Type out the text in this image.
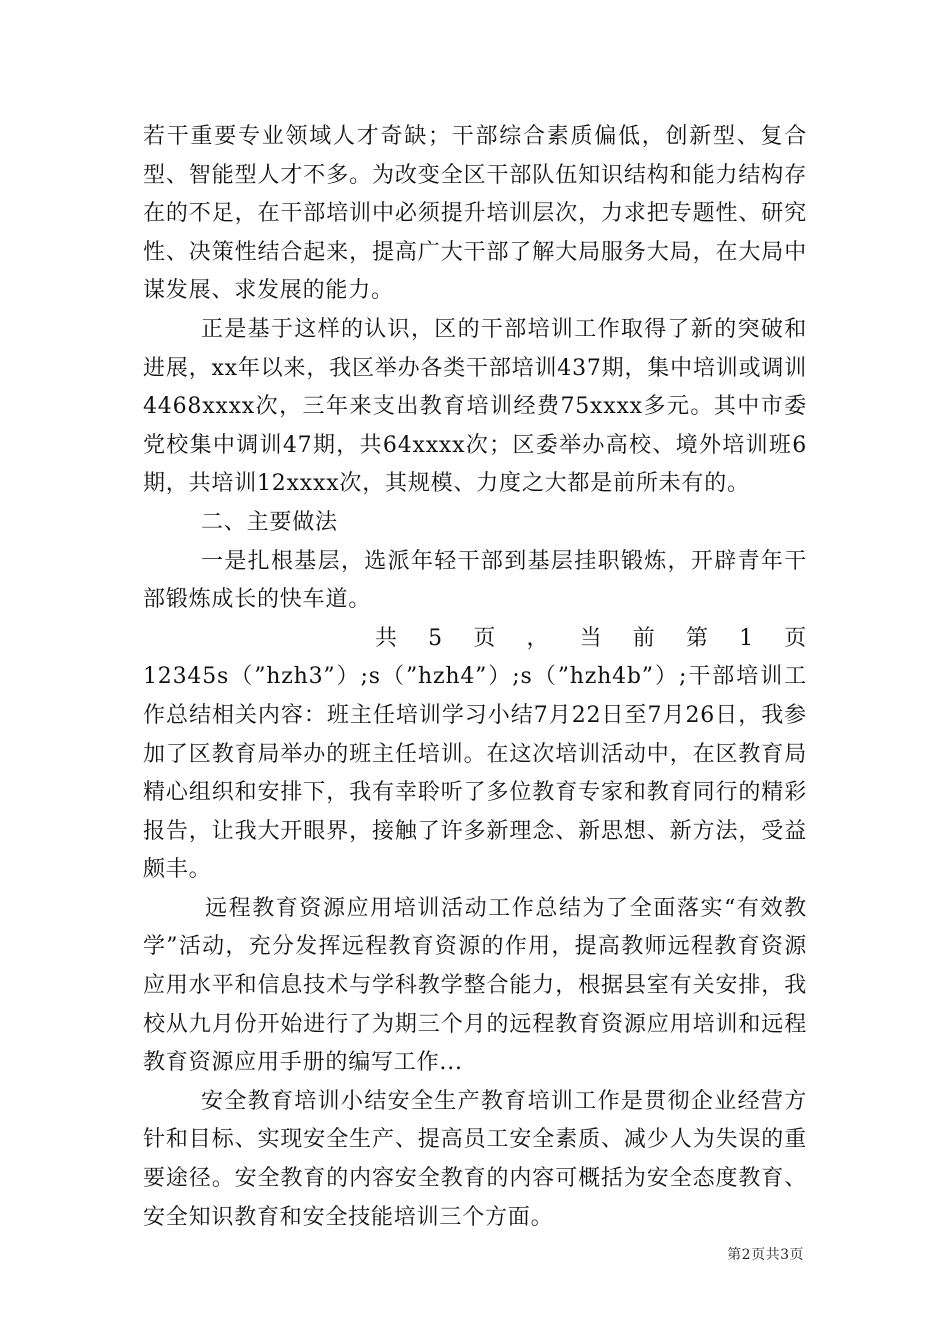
若干重要专业领域人才奇缺；干部综合素质偏低，创新型、复合型、智能型人才不多。为改变全区干部队伍知识结构和能力结构存在的不足，在干部培训中必须提升培训层次，力求把专题性、研究性、决策性结合起来，提高广大干部了解大局服务大局，在大局中谋发展、求发展的能力。

正是基于这样的认识，区的干部培训工作取得了新的突破和进展，xx年以来，我区举办各类干部培训437期，集中培训或调训4468xxxx次，三年来支出教育培训经费75xxxx多元。其中市委党校集中调训47期，共64xxxx次；区委举办高校、境外培训班6期，共培训12xxxx次，其规模、力度之大都是前所未有的。

二、主要做法

一是扎根基层，选派年轻干部到基层挂职锻炼，开辟青年干部锻炼成长的快车道。

共 5 页 ， 当 前 第 1 页

12345s（”hzh3”）;s（”hzh4”）;s（”hzh4b”）;干部培训工作总结相关内容：班主任培训学习小结7月22日至7月26日，我参加了区教育局举办的班主任培训。在这次培训活动中，在区教育局精心组织和安排下，我有幸聆听了多位教育专家和教育同行的精彩报告，让我大开眼界，接触了许多新理念、新思想、新方法，受益颇丰。

远程教育资源应用培训活动工作总结为了全面落实“有效教学”活动，充分发挥远程教育资源的作用，提高教师远程教育资源应用水平和信息技术与学科教学整合能力，根据县室有关安排，我校从九月份开始进行了为期三个月的远程教育资源应用培训和远程教育资源应用手册的编写工作...

安全教育培训小结安全生产教育培训工作是贯彻企业经营方针和目标、实现安全生产、提高员工安全素质、减少人为失误的重要途径。安全教育的内容安全教育的内容可概括为安全态度教育、安全知识教育和安全技能培训三个方面。

第2页共3页
